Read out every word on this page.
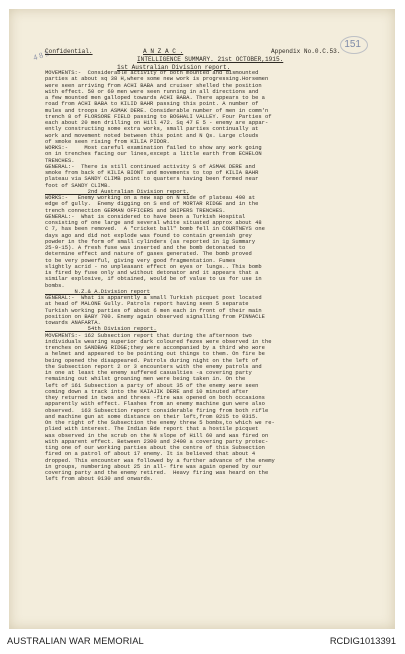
151
4 8 5
Confidential.	A N Z A C .	Appendix No.0.C.53.
INTELLIGENCE SUMMARY. 21st OCTOBER,1915.
1st Australian Division report.
MOVEMENTS:-  Considerable activity of both mounted and dismounted
parties at about sq 38 H,where some new work is progressing.Horsemen
were seen arriving from ACHI BABA and cruiser shelled the position
with effect. 50 or 60 men were seen running in all directions and
a few mounted men galloped towards ACHI BABA. There appears to be a
road from ACHI BABA to KILID BAHR passing this point. A number of
mules and troops in ASMAK DERE. Considerable number of men in comm'n
trench 8 of FLORSORE FIELD passing to BOGHALI VALLEY. Four Parties of
each about 20 men drilling on Hill 472. Sq 47 E 5 - enemy are appar-
ently constructing some extra works, small parties continually at
work and movement noted between this point and N Qs. Large clouds
of smoke seen rising from KILIA PIDOR.
WORKS:-     Most careful examination failed to show any work going
on in trenches facing our lines,except a little earth from ECHELON
TRENCHES.
GENERAL:-  There is still continued activity S of ASMAK DERE and
smoke from back of KILIA BIONT and movements to top of KILIA BAHR
plateau via SANDY CLIMB point to quarters having been formed near
foot of SANDY CLIMB.
2nd Australian Division report.
WORKS:-   Enemy working on a new sap on N side of plateau 400 at
edge of gully.  Enemy digging on S end of MORTAR RIDGE and in the
trench connection GERMAN OFFICERS and SNIPERS TRENCHES.
GENERAL:-  What is considered to have been a Turkish Hospital
consisting of one large and several white situated approx about 48
C 7, has been removed.  A "cricket ball" bomb fell in COURTNEYS one
days ago and did not explode was found to contain greenish grey
powder in the form of small cylinders (as reported in 1g Summary
25-9-15). A fresh fuse was inserted and the bomb detonated to
determine effect and nature of gases generated. The bomb proved
to be very powerful, giving very good fragmentation. Fumes
slightly acrid - no unpleasant effect on eyes or lungs.. This bomb
is fired by fuse only and without detonator and it appears that a
similar explosive, if obtained, would be of value to us for use in
bombs.
N.Z.& A.Division report
GENERAL:-  What is apparently a small Turkish picquet post located
at head of MALONE Gully. Patrols report having seen 5 separate
Turkish working parties of about 6 men each in front of their main
position on BABY 700. Enemy again observed signalling from PINNACLE
towards ANAFARTA.
54th Division report.
MOVEMENTS:- 162 Subsection report that during the afternoon two
individuals wearing superior dark coloured fezes were observed in the
trenches on SANDBAG RIDGE;they were accompanied by a third who wore
a helmet and appeared to be pointing out things to them. On fire be
being opened the disappeared. Patrols during night on the left of
the Subsection report 2 or 3 encounters with the enemy patrols and
in one at least the enemy suffered casualties -a covering party
remaining out whilst groaning men were being taken in. On the
left of 161 Subsection a party of about 35 of the enemy were seen
coming down a track into the KAIAJIK DERE and 10 minuted after
they returned in twos and threes -fire was opened on both occasions
apparently with effect. Flashes from an enemy machine gun were also
observed.  163 Subsection report considerable firing from both rifle
and machine gun at some distance on their left,from 0215 to 0315.
On the right of the Subsection the enemy threw 5 bombs,to which we re-
plied with interest. The Indian Bde report that a hostile picquet
was observed in the scrub on the N slope of Hill 60 and was fired on
with apparent effect. Between 2300 and 2400 a covering party protec-
ting one of our working parties about the centre of this Subsection
fired on a patrol of about 17 enemy. It is believed that about 4
dropped. This encounter was followed by a further advance of the enemy
in groups, numbering about 25 in all- fire was again opened by our
covering party and the enemy retired.  Heavy firing was heard on the
left from about 0130 and onwards.
AUSTRALIAN WAR MEMORIAL	RCDIG1013391
